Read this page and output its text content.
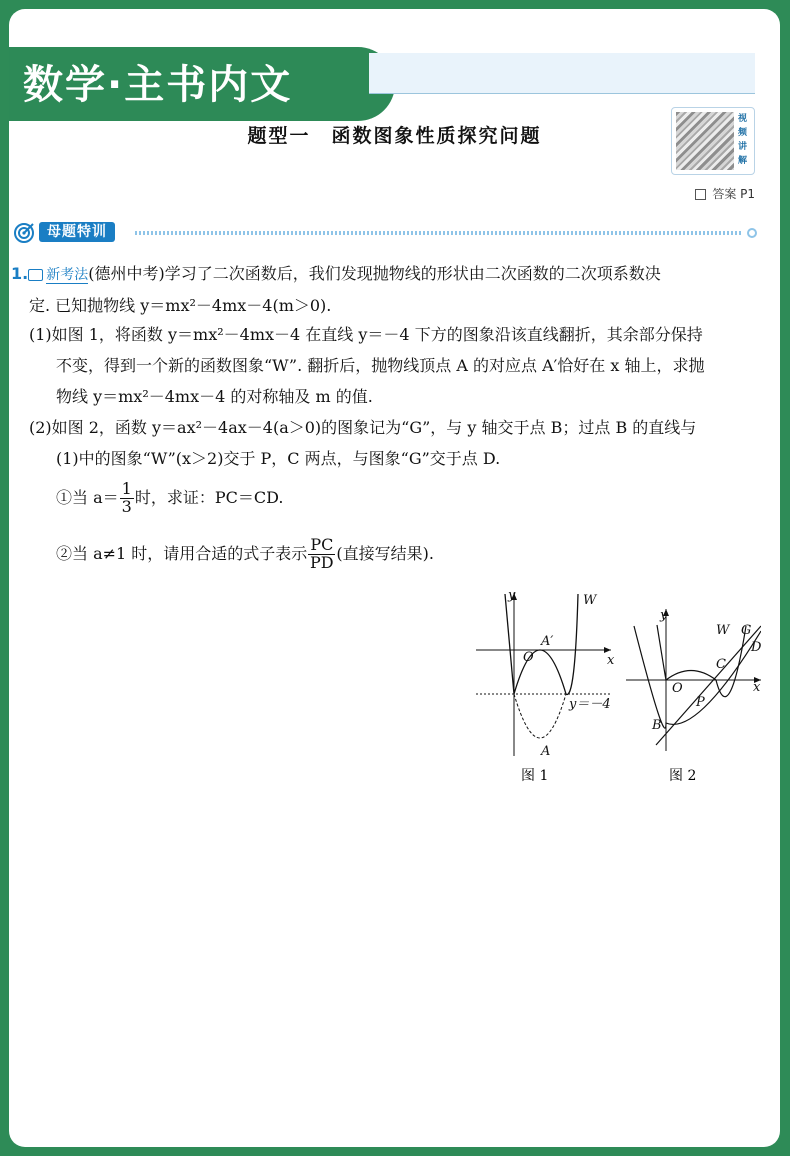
数学·主书内文
题型一　函数图象性质探究问题
视频讲解
答案 P1
母题特训
1. 新考法(德州中考)学习了二次函数后，我们发现抛物线的形状由二次函数的二次项系数决
定. 已知抛物线 y＝mx²－4mx－4(m＞0).
(1)如图 1，将函数 y＝mx²－4mx－4 在直线 y＝－4 下方的图象沿该直线翻折，其余部分保持
不变，得到一个新的函数图象“W”. 翻折后，抛物线顶点 A 的对应点 A′恰好在 x 轴上，求抛
物线 y＝mx²－4mx－4 的对称轴及 m 的值.
(2)如图 2，函数 y＝ax²－4ax－4(a＞0)的图象记为“G”，与 y 轴交于点 B；过点 B 的直线与
(1)中的图象“W”(x＞2)交于 P，C 两点，与图象“G”交于点 D.
①当 $a= \frac{1}{3}$ 时，求证：PC＝CD.
②当 a≠1 时，请用合适的式子表示 $\frac{PC}{PD}$ (直接写结果).
y
x
W
A′
O
y＝－4
A
y
x
W G
D
C
O
P
B
图 1	图 2
